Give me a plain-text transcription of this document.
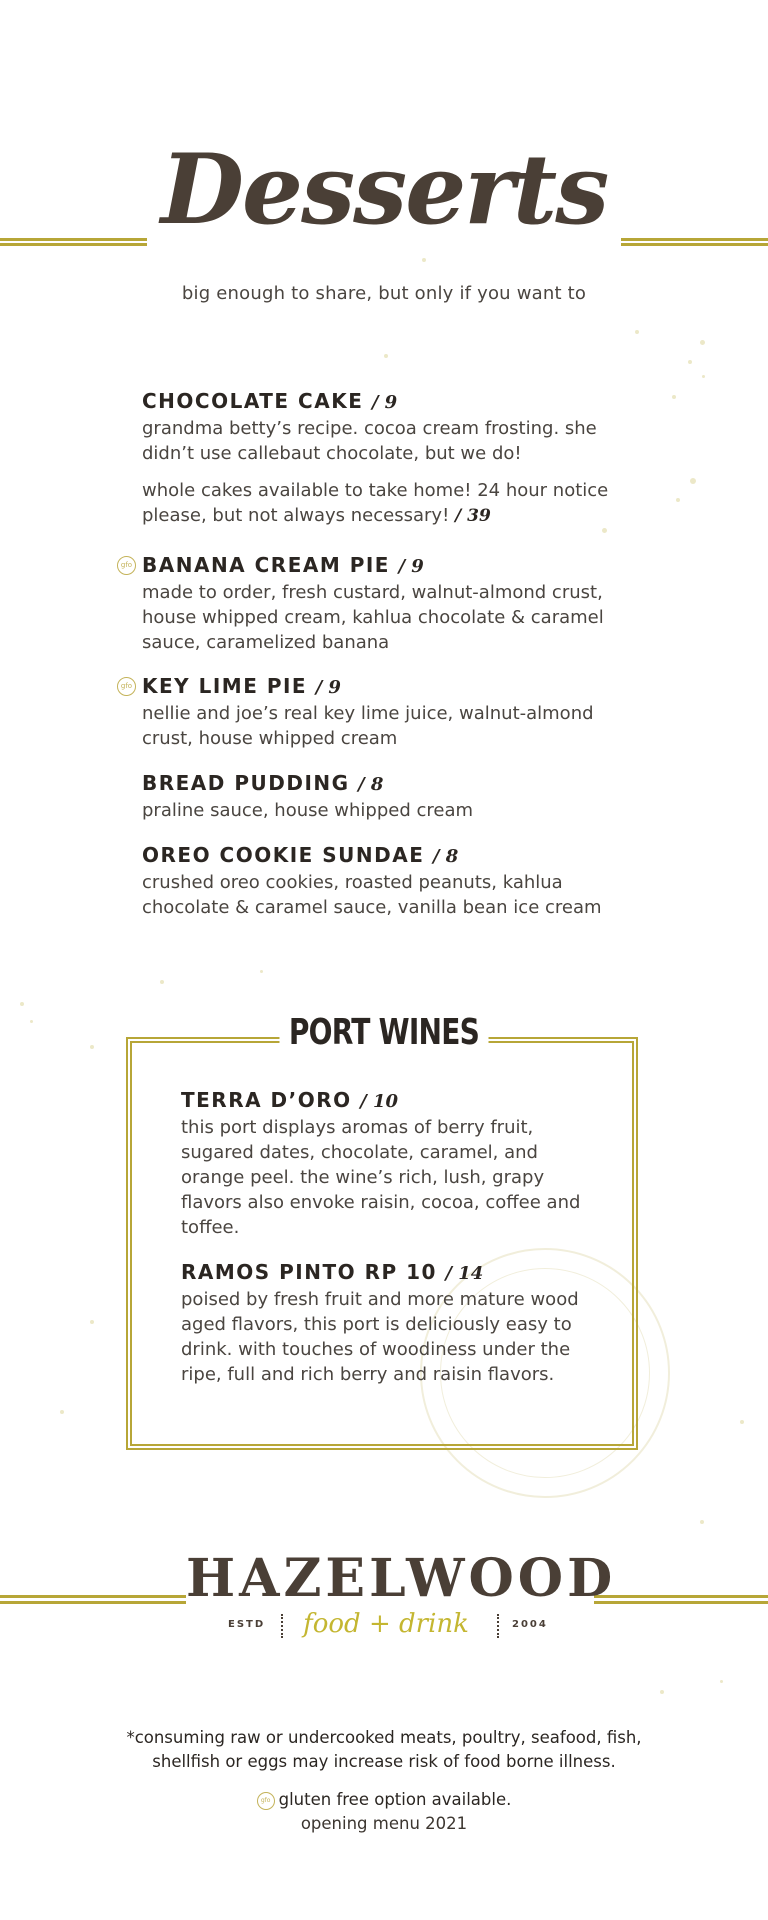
Desserts
big enough to share, but only if you want to
CHOCOLATE CAKE / 9
grandma betty’s recipe. cocoa cream frosting. she didn’t use callebaut chocolate, but we do!
whole cakes available to take home! 24 hour notice please, but not always necessary! / 39
gfo BANANA CREAM PIE / 9
made to order, fresh custard, walnut-almond crust, house whipped cream, kahlua chocolate & caramel sauce, caramelized banana
gfo KEY LIME PIE / 9
nellie and joe’s real key lime juice, walnut-almond crust, house whipped cream
BREAD PUDDING / 8
praline sauce, house whipped cream
OREO COOKIE SUNDAE / 8
crushed oreo cookies, roasted peanuts, kahlua chocolate & caramel sauce, vanilla bean ice cream
PORT WINES
TERRA D’ORO / 10
this port displays aromas of berry fruit, sugared dates, chocolate, caramel, and orange peel. the wine’s rich, lush, grapy flavors also envoke raisin, cocoa, coffee and toffee.
RAMOS PINTO RP 10 / 14
poised by fresh fruit and more mature wood aged flavors, this port is deliciously easy to drink. with touches of woodiness under the ripe, full and rich berry and raisin flavors.
HAZELWOOD
ESTD	food + drink	2004
*consuming raw or undercooked meats, poultry, seafood, fish,
shellfish or eggs may increase risk of food borne illness.
gfo gluten free option available.
opening menu 2021
